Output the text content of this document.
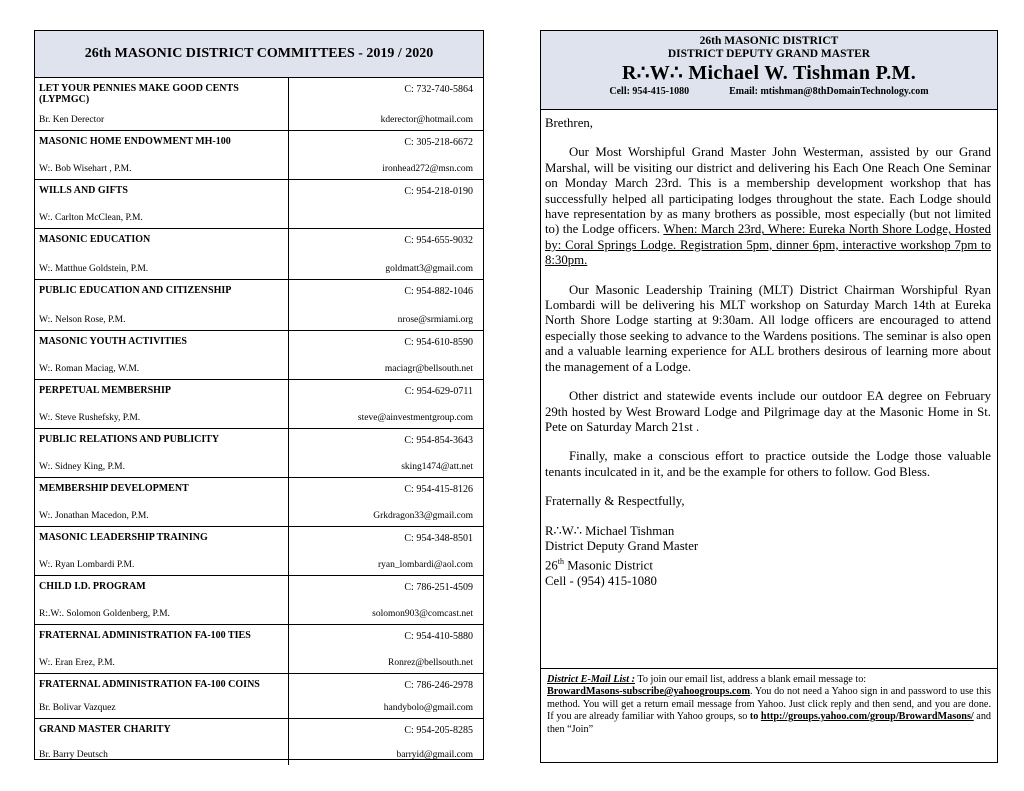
26th MASONIC DISTRICT COMMITTEES - 2019 / 2020
LET YOUR PENNIES MAKE GOOD CENTS (LYPMGC)
C: 732-740-5864
Br. Ken Derector	kderector@hotmail.com
MASONIC HOME ENDOWMENT MH-100	C: 305-218-6672
W:. Bob Wisehart , P.M.	ironhead272@msn.com
WILLS AND GIFTS	C: 954-218-0190
W:. Carlton McClean, P.M.
MASONIC EDUCATION	C: 954-655-9032
W:. Matthue Goldstein, P.M.	goldmatt3@gmail.com
PUBLIC EDUCATION AND CITIZENSHIP	C: 954-882-1046
W:. Nelson Rose, P.M.	nrose@srmiami.org
MASONIC YOUTH ACTIVITIES	C: 954-610-8590
W:. Roman Maciag, W.M.	maciagr@bellsouth.net
PERPETUAL MEMBERSHIP	C: 954-629-0711
W:. Steve Rushefsky, P.M.	steve@ainvestmentgroup.com
PUBLIC RELATIONS AND PUBLICITY	C: 954-854-3643
W:. Sidney King, P.M.	sking1474@att.net
MEMBERSHIP DEVELOPMENT	C: 954-415-8126
W:. Jonathan Macedon, P.M.	Grkdragon33@gmail.com
MASONIC LEADERSHIP TRAINING	C: 954-348-8501
W:. Ryan Lombardi P.M.	ryan_lombardi@aol.com
CHILD I.D. PROGRAM	C: 786-251-4509
R:.W:. Solomon Goldenberg, P.M.	solomon903@comcast.net
FRATERNAL ADMINISTRATION FA-100 TIES	C: 954-410-5880
W:. Eran Erez, P.M.	Ronrez@bellsouth.net
FRATERNAL ADMINISTRATION FA-100 COINS	C: 786-246-2978
Br. Bolivar Vazquez	handybolo@gmail.com
GRAND MASTER CHARITY	C: 954-205-8285
Br. Barry Deutsch	barryid@gmail.com
26th MASONIC DISTRICT
DISTRICT DEPUTY GRAND MASTER
R∴W∴ Michael W. Tishman P.M.
Cell: 954-415-1080	Email: mtishman@8thDomainTechnology.com

Brethren,

Our Most Worshipful Grand Master John Westerman, assisted by our Grand Marshal, will be visiting our district and delivering his Each One Reach One Seminar on Monday March 23rd. This is a membership development workshop that has successfully helped all participating lodges throughout the state. Each Lodge should have representation by as many brothers as possible, most especially (but not limited to) the Lodge officers. When: March 23rd, Where: Eureka North Shore Lodge, Hosted by: Coral Springs Lodge. Registration 5pm, dinner 6pm, interactive workshop 7pm to 8:30pm.

Our Masonic Leadership Training (MLT) District Chairman Worshipful Ryan Lombardi will be delivering his MLT workshop on Saturday March 14th at Eureka North Shore Lodge starting at 9:30am. All lodge officers are encouraged to attend especially those seeking to advance to the Wardens positions. The seminar is also open and a valuable learning experience for ALL brothers desirous of learning more about the management of a Lodge.

Other district and statewide events include our outdoor EA degree on February 29th hosted by West Broward Lodge and Pilgrimage day at the Masonic Home in St. Pete on Saturday March 21st .

Finally, make a conscious effort to practice outside the Lodge those valuable tenants inculcated in it, and be the example for others to follow. God Bless.

Fraternally & Respectfully,
R∴W∴ Michael Tishman
District Deputy Grand Master
26th Masonic District
Cell - (954) 415-1080
District E-Mail List : To join our email list, address a blank email message to:
BrowardMasons-subscribe@yahoogroups.com. You do not need a Yahoo sign in and password to use this method. You will get a return email message from Yahoo. Just click reply and then send, and you are done. If you are already familiar with Yahoo groups, so to http://groups.yahoo.com/group/BrowardMasons/ and then “Join”
